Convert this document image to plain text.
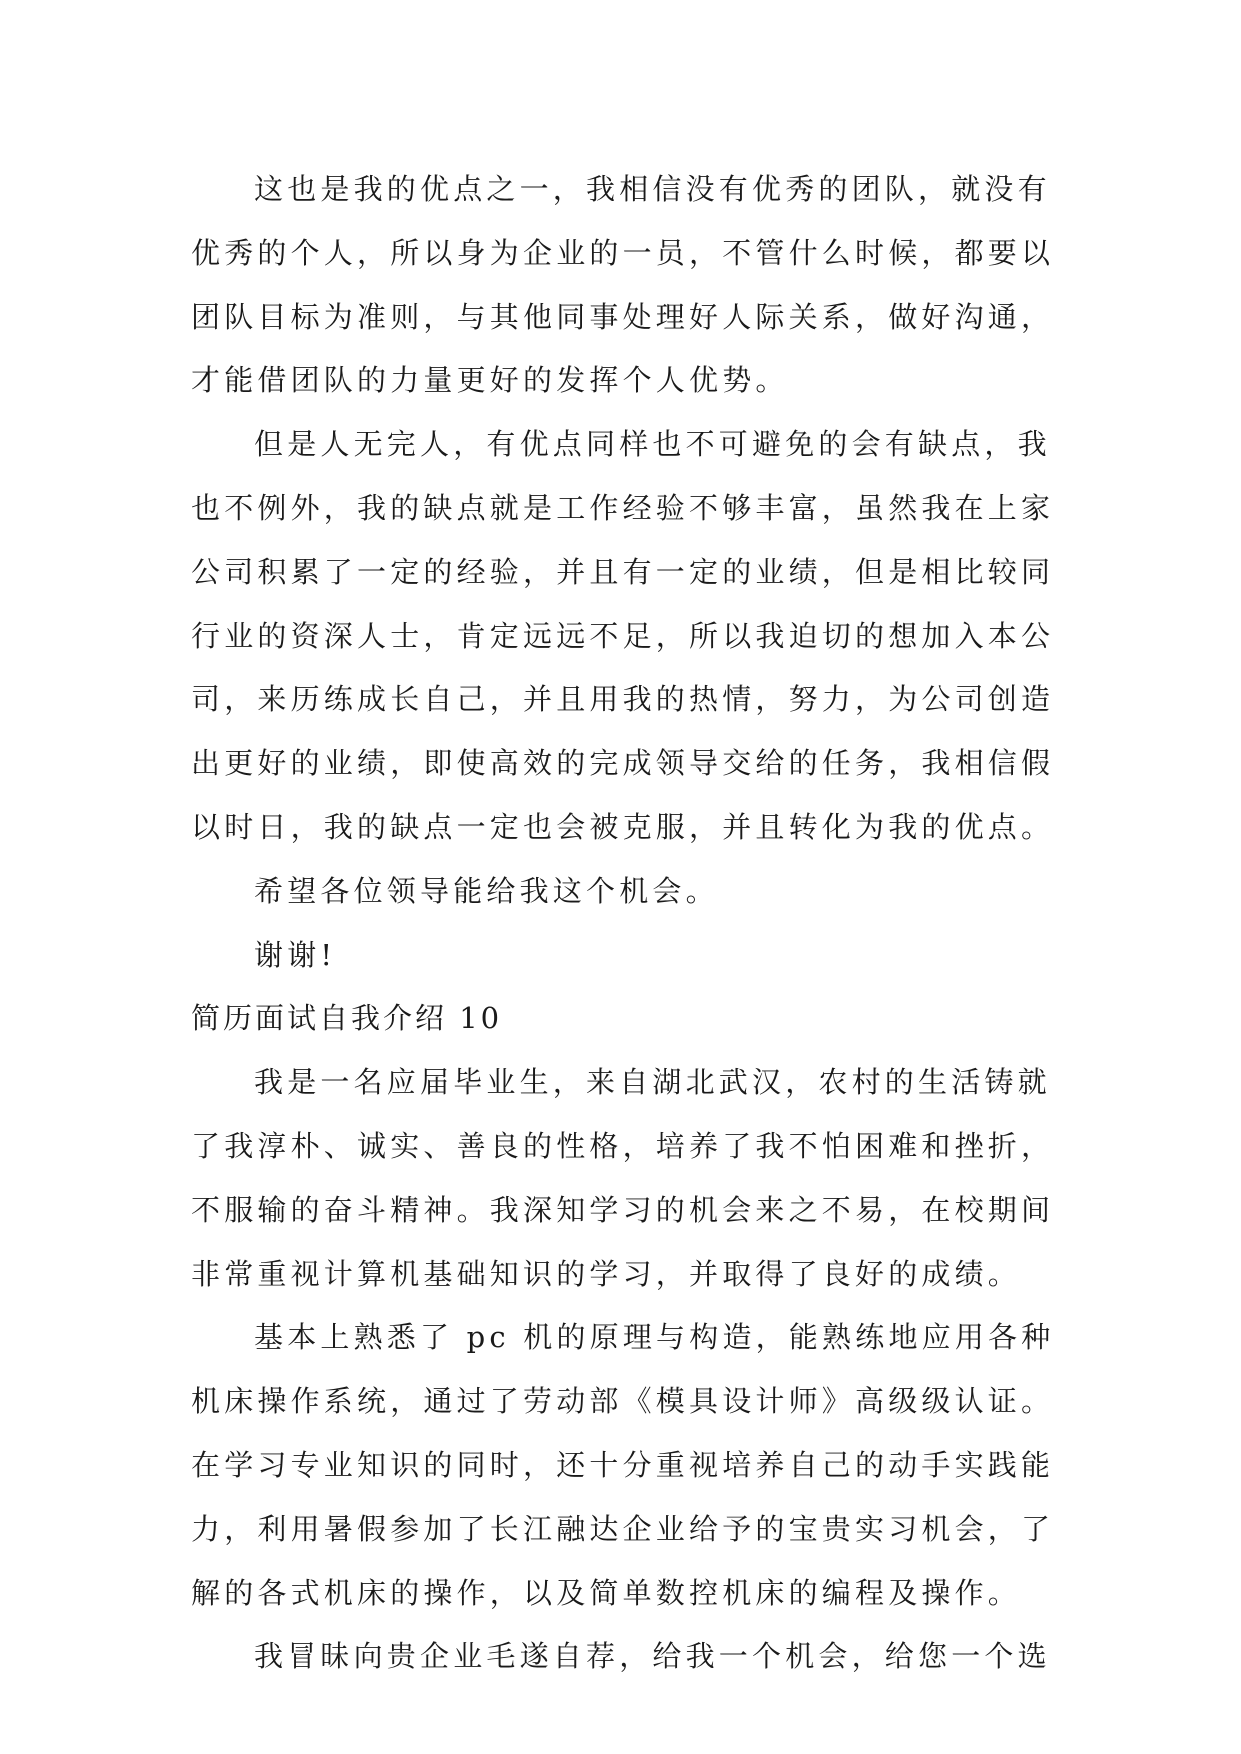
这也是我的优点之一，我相信没有优秀的团队，就没有
优秀的个人，所以身为企业的一员，不管什么时候，都要以
团队目标为准则，与其他同事处理好人际关系，做好沟通，
才能借团队的力量更好的发挥个人优势。
但是人无完人，有优点同样也不可避免的会有缺点，我
也不例外，我的缺点就是工作经验不够丰富，虽然我在上家
公司积累了一定的经验，并且有一定的业绩，但是相比较同
行业的资深人士，肯定远远不足，所以我迫切的想加入本公
司，来历练成长自己，并且用我的热情，努力，为公司创造
出更好的业绩，即使高效的完成领导交给的任务，我相信假
以时日，我的缺点一定也会被克服，并且转化为我的优点。
希望各位领导能给我这个机会。
谢谢!
简历面试自我介绍 10
我是一名应届毕业生，来自湖北武汉，农村的生活铸就
了我淳朴、诚实、善良的性格，培养了我不怕困难和挫折，
不服输的奋斗精神。我深知学习的机会来之不易，在校期间
非常重视计算机基础知识的学习，并取得了良好的成绩。
基本上熟悉了 pc 机的原理与构造，能熟练地应用各种
机床操作系统，通过了劳动部《模具设计师》高级级认证。
在学习专业知识的同时，还十分重视培养自己的动手实践能
力，利用暑假参加了长江融达企业给予的宝贵实习机会，了
解的各式机床的操作，以及简单数控机床的编程及操作。
我冒昧向贵企业毛遂自荐，给我一个机会，给您一个选
